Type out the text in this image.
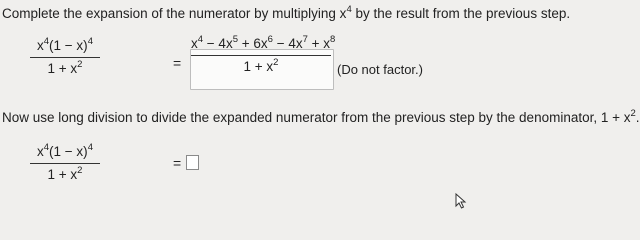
Complete the expansion of the numerator by multiplying $x^4$ by the result from the previous step.
$x^4(1 - x)^4$
$1 + x^2$	=
$x^4 - 4x^5 + 6x^6 - 4x^7 + x^8$
$1 + x^2$	(Do not factor.)
Now use long division to divide the expanded numerator from the previous step by the denominator, $1 + x^2$.
$x^4(1 - x)^4$
$1 + x^2$	=
